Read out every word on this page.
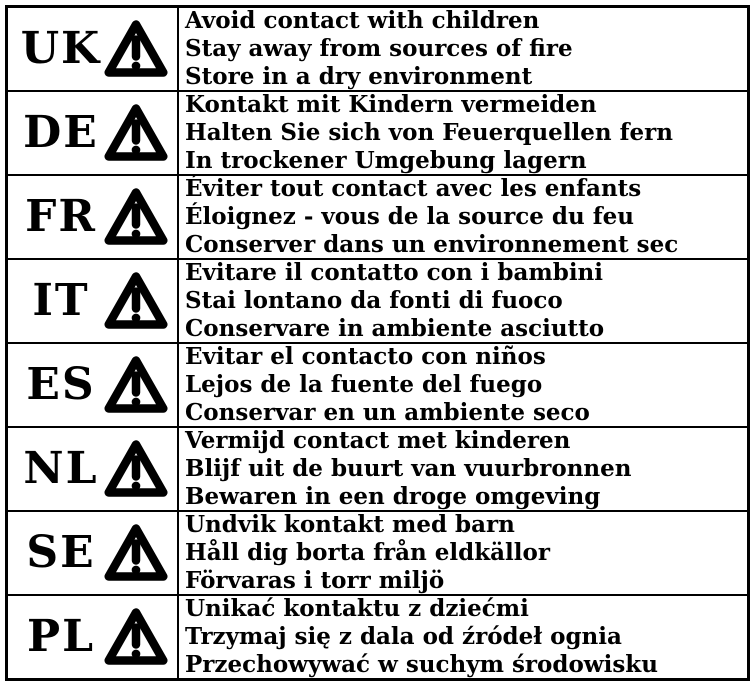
UK
Avoid contact with children
Stay away from sources of fire
Store in a dry environment
DE
Kontakt mit Kindern vermeiden
Halten Sie sich von Feuerquellen fern
In trockener Umgebung lagern
FR
Éviter tout contact avec les enfants
Éloignez - vous de la source du feu
Conserver dans un environnement sec
IT
Evitare il contatto con i bambini
Stai lontano da fonti di fuoco
Conservare in ambiente asciutto
ES
Evitar el contacto con niños
Lejos de la fuente del fuego
Conservar en un ambiente seco
NL
Vermijd contact met kinderen
Blijf uit de buurt van vuurbronnen
Bewaren in een droge omgeving
SE
Undvik kontakt med barn
Håll dig borta från eldkällor
Förvaras i torr miljö
PL
Unikać kontaktu z dziećmi
Trzymaj się z dala od źródeł ognia
Przechowywać w suchym środowisku
